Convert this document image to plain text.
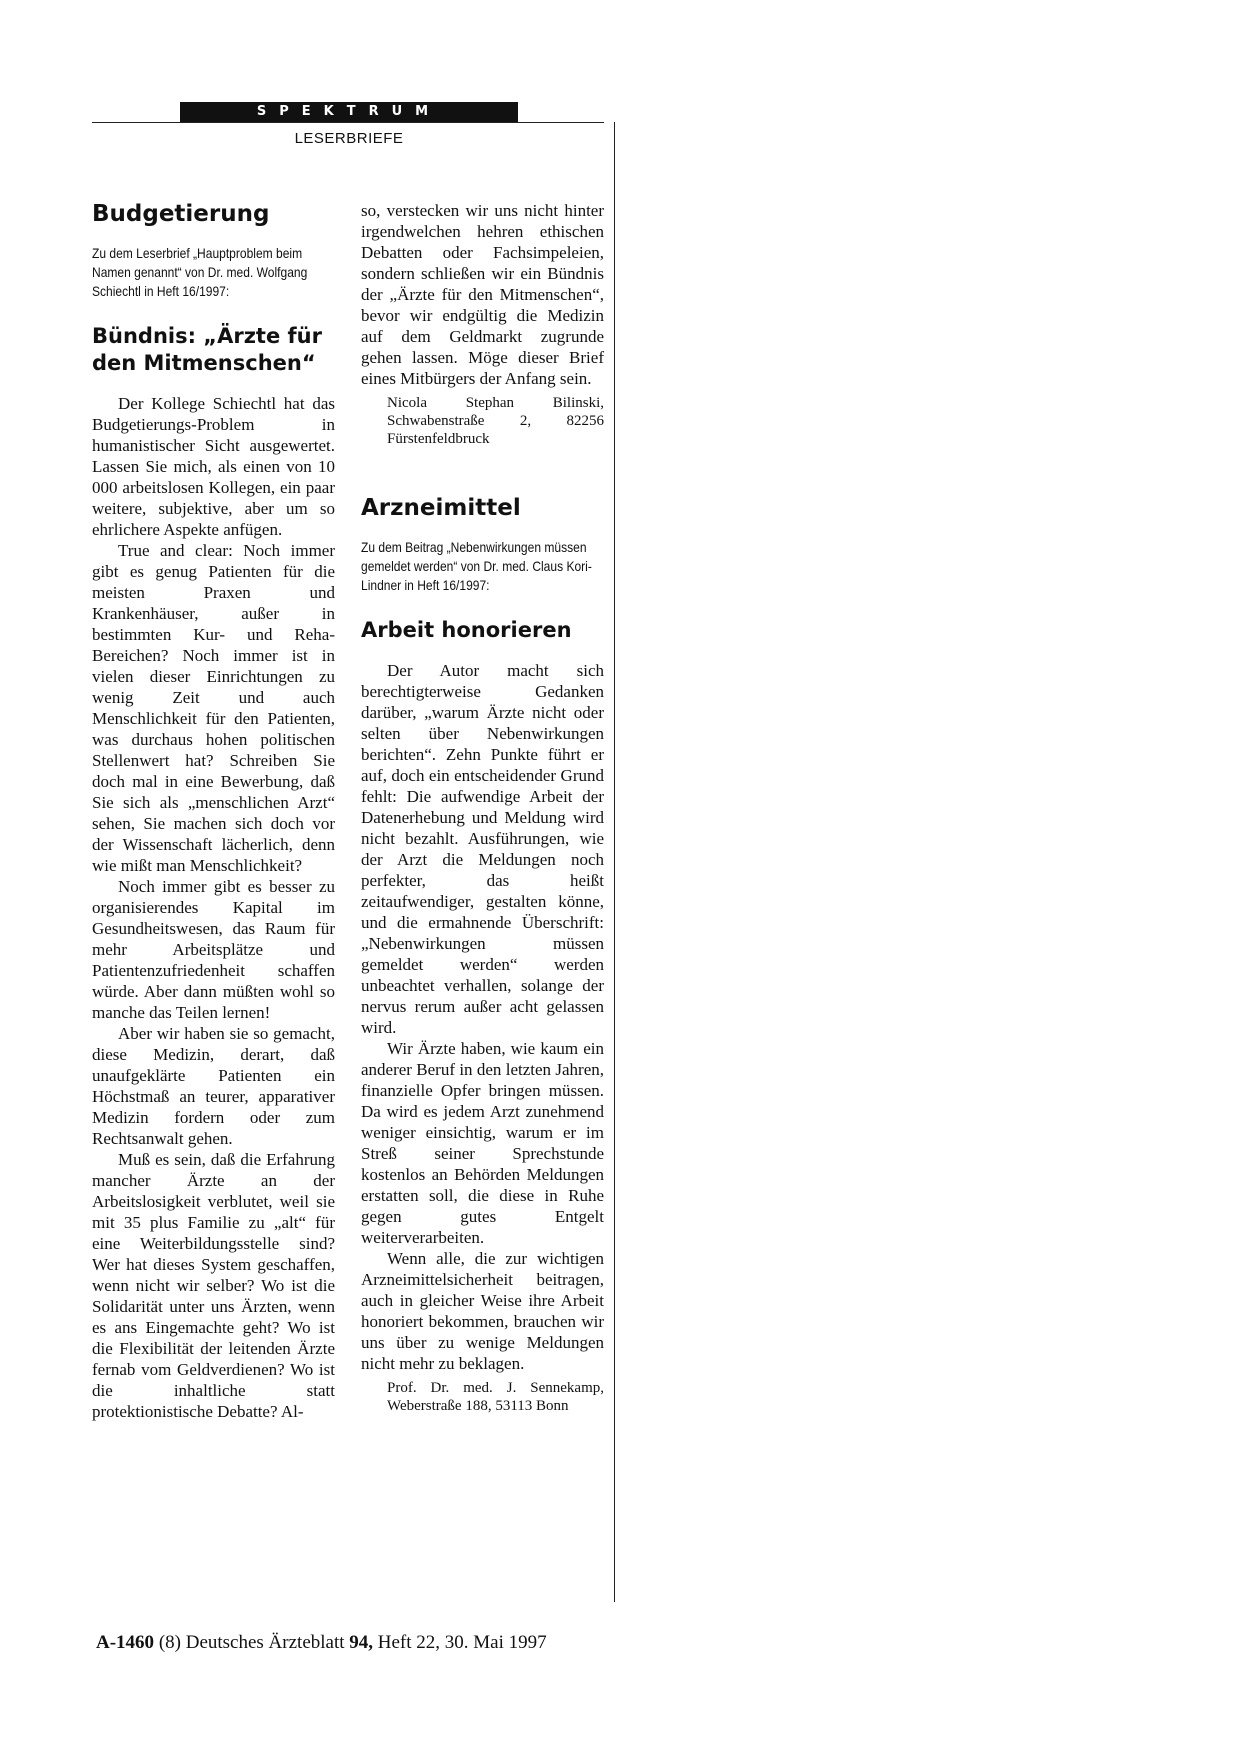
SPEKTRUM
LESERBRIEFE
Budgetierung
Zu dem Leserbrief „Hauptproblem beim Namen genannt“ von Dr. med. Wolfgang Schiechtl in Heft 16/1997:
Bündnis: „Ärzte für den Mitmenschen“

Der Kollege Schiechtl hat das Budgetierungs-Problem in humanistischer Sicht ausgewertet. Lassen Sie mich, als einen von 10 000 arbeitslosen Kollegen, ein paar weitere, subjektive, aber um so ehrlichere Aspekte anfügen.

True and clear: Noch immer gibt es genug Patienten für die meisten Praxen und Krankenhäuser, außer in bestimmten Kur- und Reha-Bereichen? Noch immer ist in vielen dieser Einrichtungen zu wenig Zeit und auch Menschlichkeit für den Patienten, was durchaus hohen politischen Stellenwert hat? Schreiben Sie doch mal in eine Bewerbung, daß Sie sich als „menschlichen Arzt“ sehen, Sie machen sich doch vor der Wissenschaft lächerlich, denn wie mißt man Menschlichkeit?

Noch immer gibt es besser zu organisierendes Kapital im Gesundheitswesen, das Raum für mehr Arbeitsplätze und Patientenzufriedenheit schaffen würde. Aber dann müßten wohl so manche das Teilen lernen!

Aber wir haben sie so gemacht, diese Medizin, derart, daß unaufgeklärte Patienten ein Höchstmaß an teurer, apparativer Medizin fordern oder zum Rechtsanwalt gehen.

Muß es sein, daß die Erfahrung mancher Ärzte an der Arbeitslosigkeit verblutet, weil sie mit 35 plus Familie zu „alt“ für eine Weiterbildungsstelle sind? Wer hat dieses System geschaffen, wenn nicht wir selber? Wo ist die Solidarität unter uns Ärzten, wenn es ans Eingemachte geht? Wo ist die Flexibilität der leitenden Ärzte fernab vom Geldverdienen? Wo ist die inhaltliche statt protektionistische Debatte? Al-

so, verstecken wir uns nicht hinter irgendwelchen hehren ethischen Debatten oder Fachsimpeleien, sondern schließen wir ein Bündnis der „Ärzte für den Mitmenschen“, bevor wir endgültig die Medizin auf dem Geldmarkt zugrunde gehen lassen. Möge dieser Brief eines Mitbürgers der Anfang sein.

Nicola Stephan Bilinski, Schwabenstraße 2, 82256 Fürstenfeldbruck
Arzneimittel
Zu dem Beitrag „Nebenwirkungen müssen gemeldet werden“ von Dr. med. Claus Kori-Lindner in Heft 16/1997:
Arbeit honorieren

Der Autor macht sich berechtigterweise Gedanken darüber, „warum Ärzte nicht oder selten über Nebenwirkungen berichten“. Zehn Punkte führt er auf, doch ein entscheidender Grund fehlt: Die aufwendige Arbeit der Datenerhebung und Meldung wird nicht bezahlt. Ausführungen, wie der Arzt die Meldungen noch perfekter, das heißt zeitaufwendiger, gestalten könne, und die ermahnende Überschrift: „Nebenwirkungen müssen gemeldet werden“ werden unbeachtet verhallen, solange der nervus rerum außer acht gelassen wird.

Wir Ärzte haben, wie kaum ein anderer Beruf in den letzten Jahren, finanzielle Opfer bringen müssen. Da wird es jedem Arzt zunehmend weniger einsichtig, warum er im Streß seiner Sprechstunde kostenlos an Behörden Meldungen erstatten soll, die diese in Ruhe gegen gutes Entgelt weiterverarbeiten.

Wenn alle, die zur wichtigen Arzneimittelsicherheit beitragen, auch in gleicher Weise ihre Arbeit honoriert bekommen, brauchen wir uns über zu wenige Meldungen nicht mehr zu beklagen.

Prof. Dr. med. J. Sennekamp, Weberstraße 188, 53113 Bonn
A-1460 (8) Deutsches Ärzteblatt 94, Heft 22, 30. Mai 1997
